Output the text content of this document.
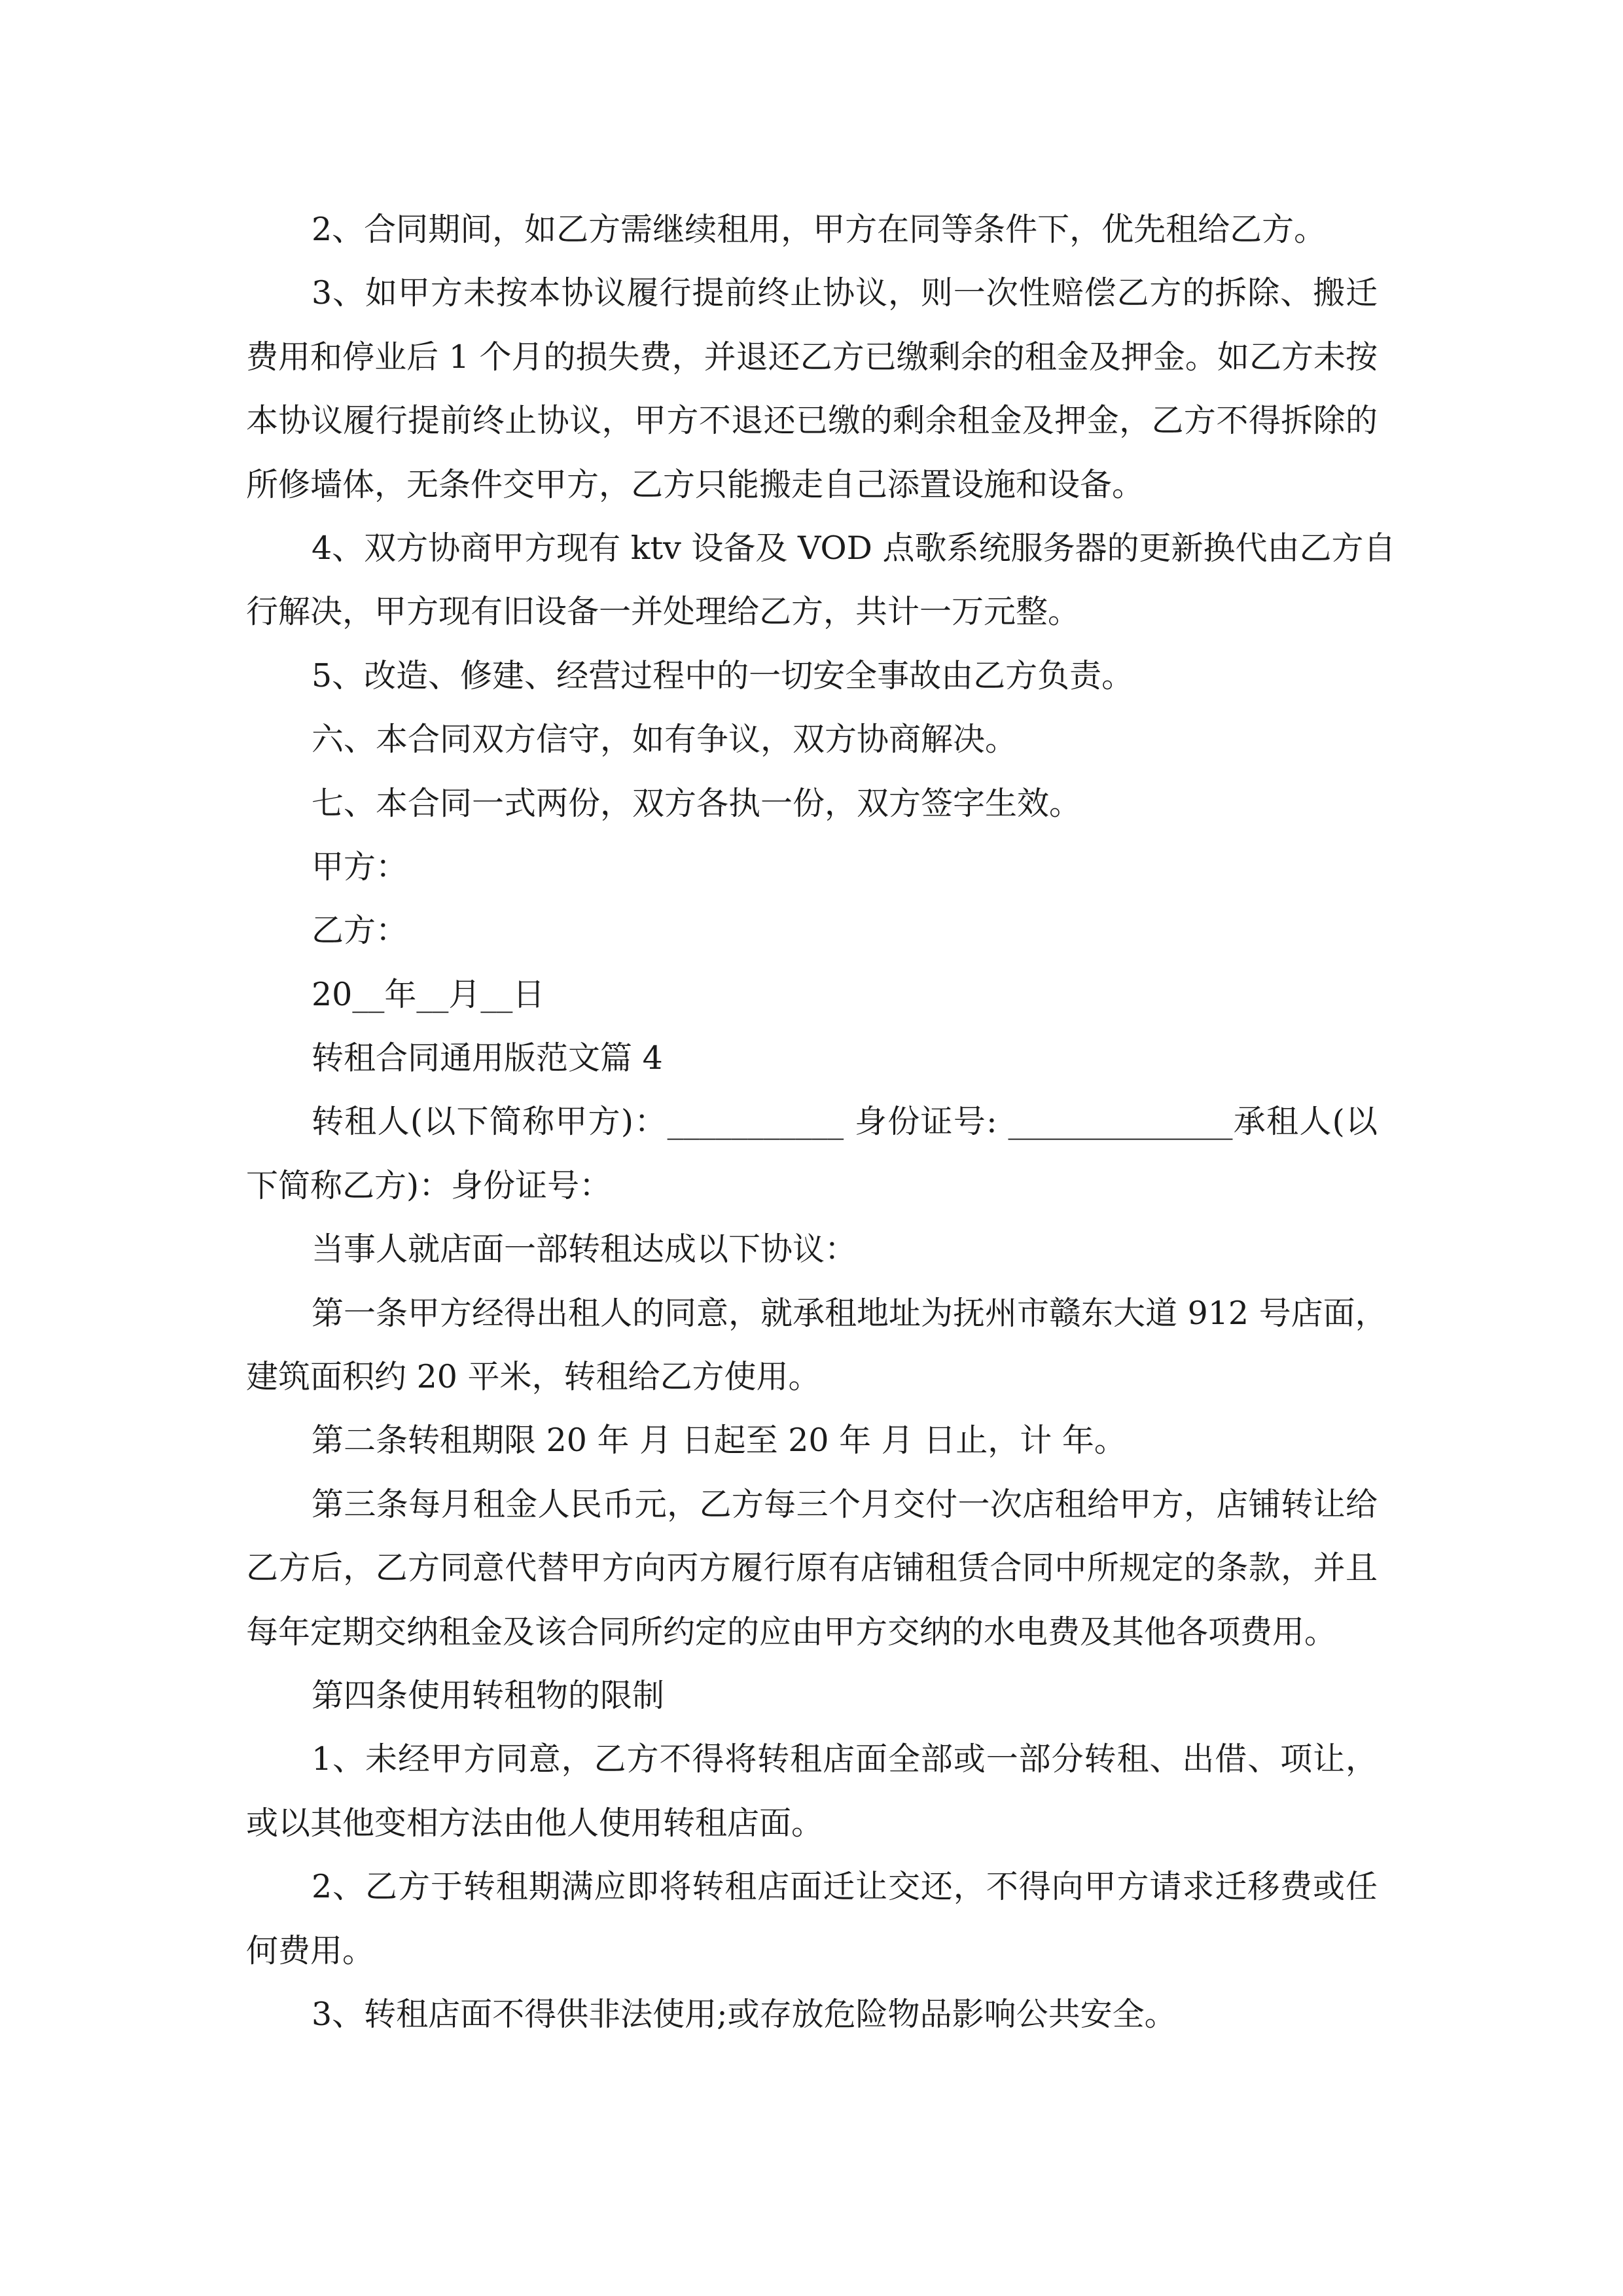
2、合同期间，如乙方需继续租用，甲方在同等条件下，优先租给乙方。
3、如甲方未按本协议履行提前终止协议，则一次性赔偿乙方的拆除、搬迁
费用和停业后 1 个月的损失费，并退还乙方已缴剩余的租金及押金。如乙方未按
本协议履行提前终止协议，甲方不退还已缴的剩余租金及押金，乙方不得拆除的
所修墙体，无条件交甲方，乙方只能搬走自己添置设施和设备。
4、双方协商甲方现有 ktv 设备及 VOD 点歌系统服务器的更新换代由乙方自
行解决，甲方现有旧设备一并处理给乙方，共计一万元整。
5、改造、修建、经营过程中的一切安全事故由乙方负责。
六、本合同双方信守，如有争议，双方协商解决。
七、本合同一式两份，双方各执一份，双方签字生效。
甲方：
乙方：
20__年__月__日
转租合同通用版范文篇 4
转租人(以下简称甲方)：___________ 身份证号: ______________承租人(以
下简称乙方)：身份证号：
当事人就店面一部转租达成以下协议：
第一条甲方经得出租人的同意，就承租地址为抚州市赣东大道 912 号店面，
建筑面积约 20 平米，转租给乙方使用。
第二条转租期限 20 年 月 日起至 20 年 月 日止，计 年。
第三条每月租金人民币元，乙方每三个月交付一次店租给甲方，店铺转让给
乙方后，乙方同意代替甲方向丙方履行原有店铺租赁合同中所规定的条款，并且
每年定期交纳租金及该合同所约定的应由甲方交纳的水电费及其他各项费用。
第四条使用转租物的限制
1、未经甲方同意，乙方不得将转租店面全部或一部分转租、出借、项让，
或以其他变相方法由他人使用转租店面。
2、乙方于转租期满应即将转租店面迁让交还，不得向甲方请求迁移费或任
何费用。
3、转租店面不得供非法使用;或存放危险物品影响公共安全。
